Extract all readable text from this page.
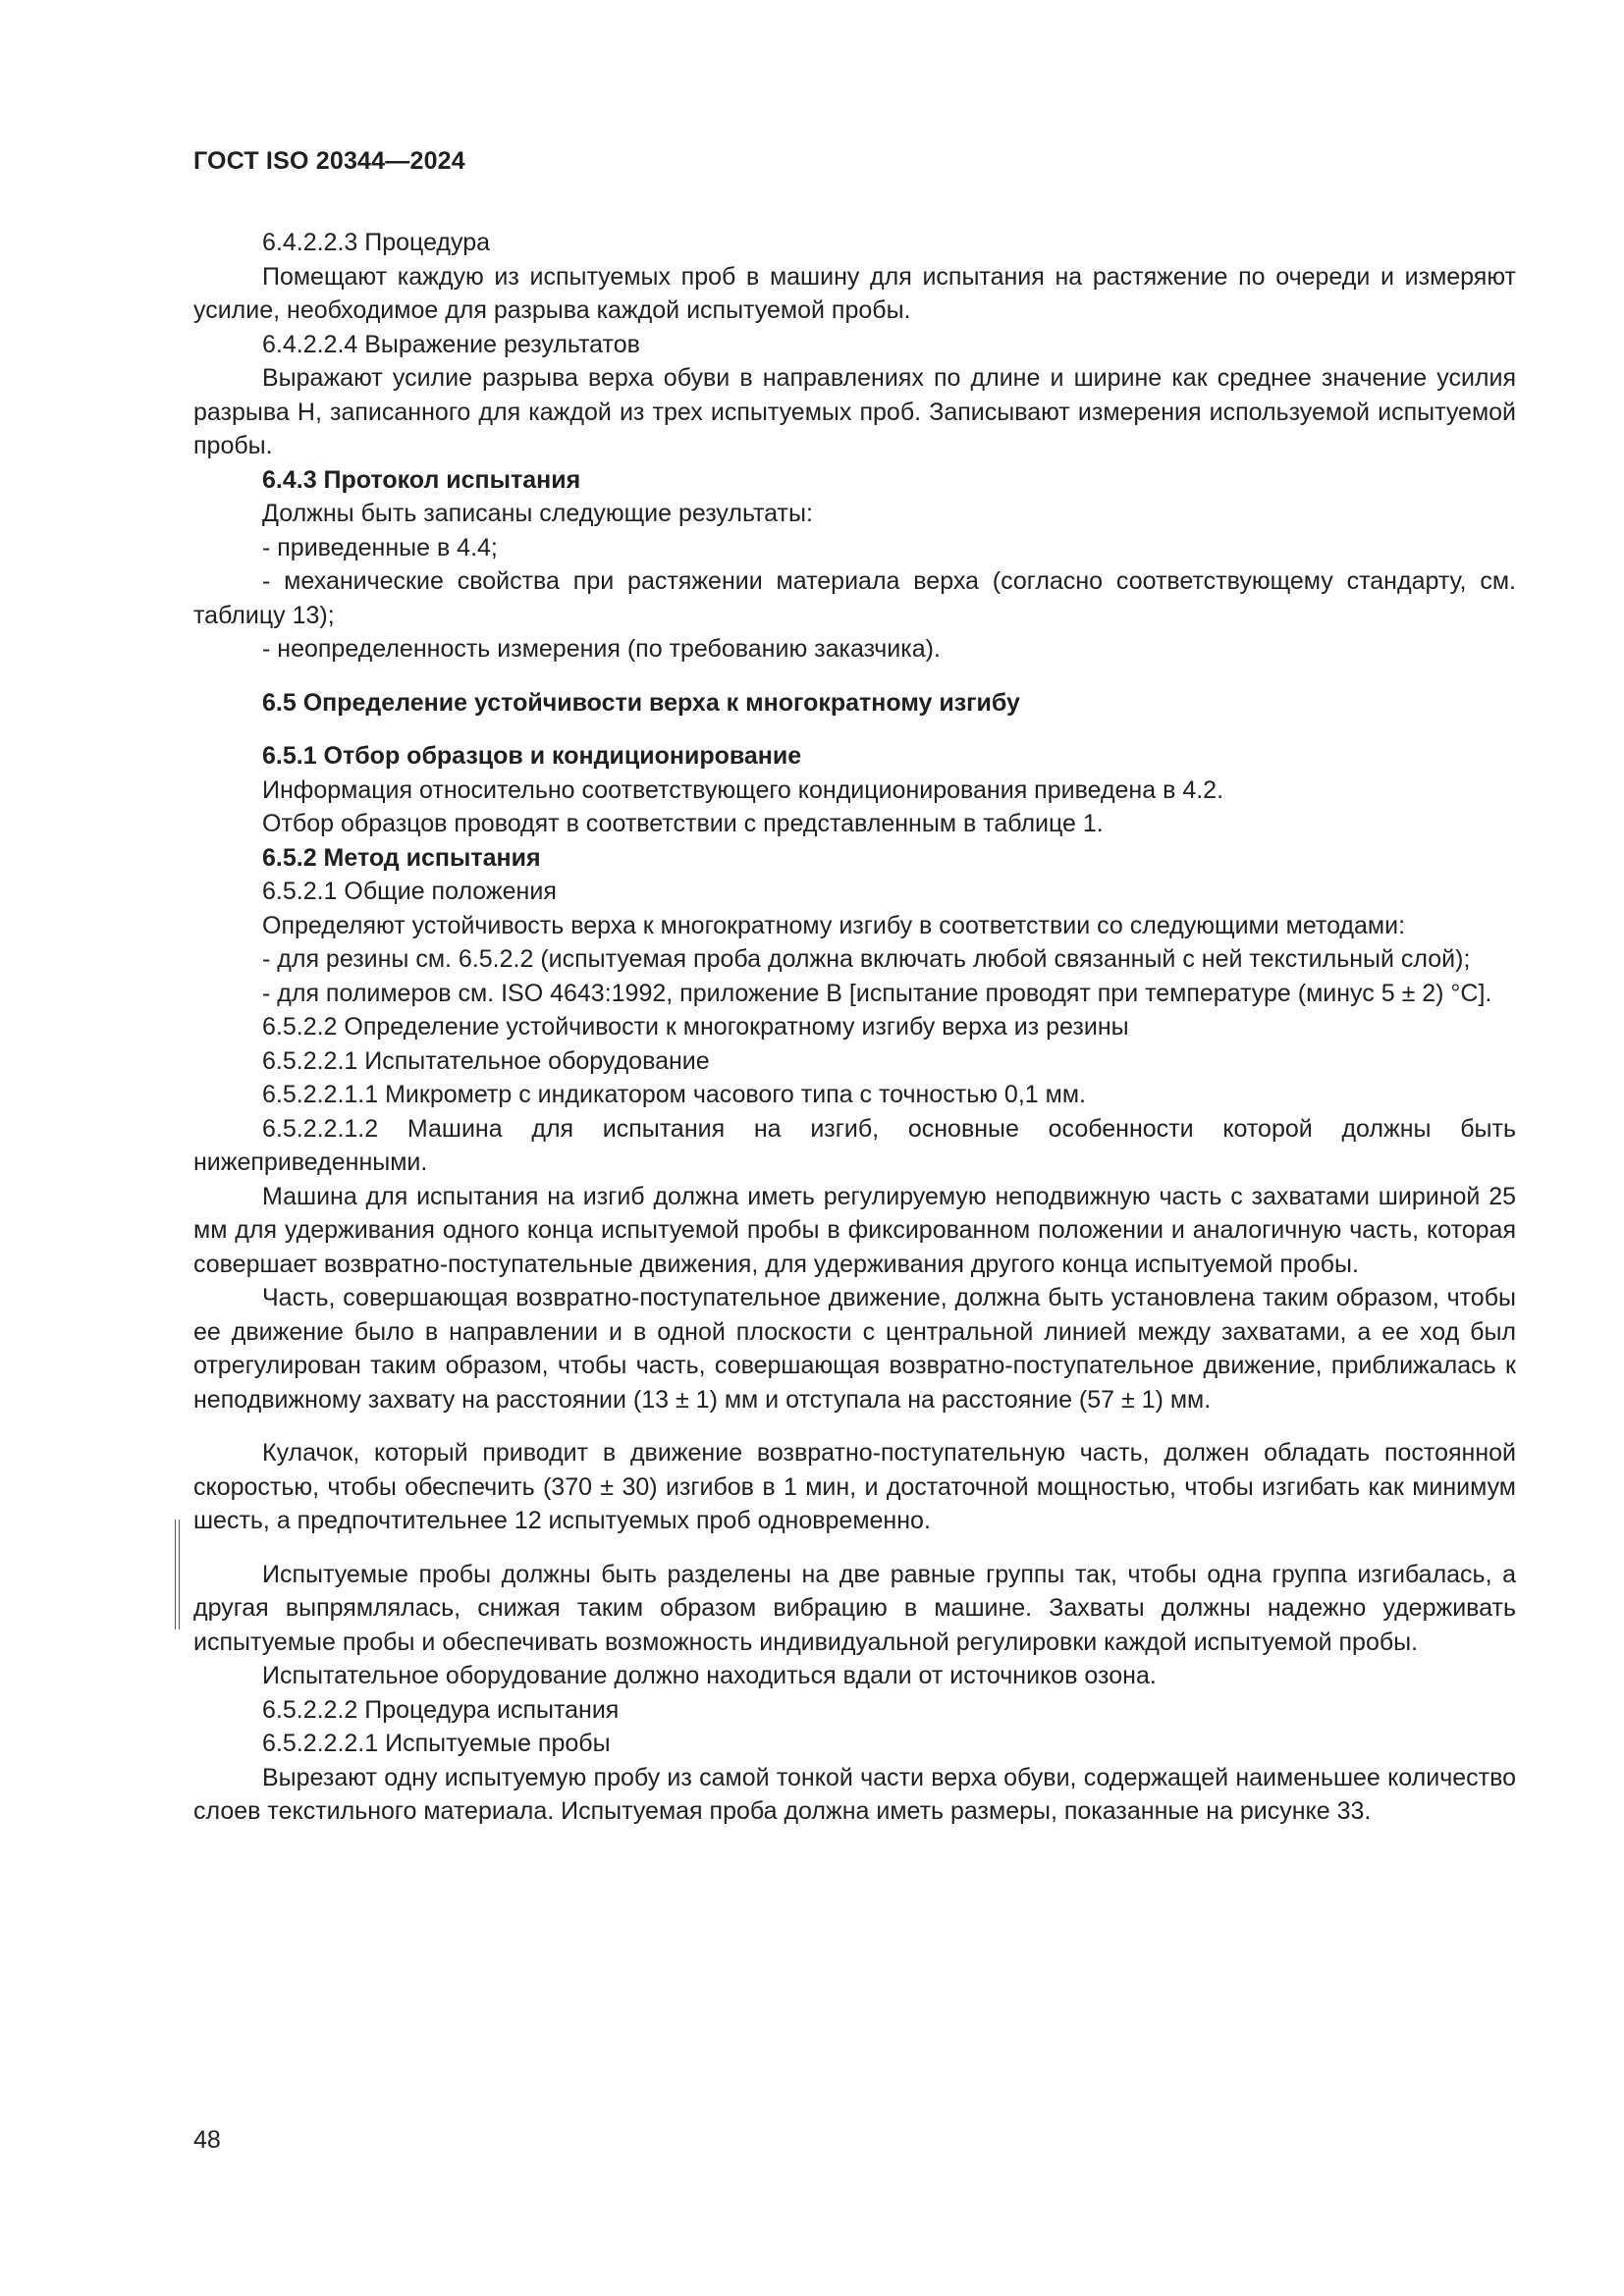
ГОСТ ISO 20344—2024

6.4.2.2.3 Процедура

Помещают каждую из испытуемых проб в машину для испытания на растяжение по очереди и измеряют усилие, необходимое для разрыва каждой испытуемой пробы.

6.4.2.2.4 Выражение результатов

Выражают усилие разрыва верха обуви в направлениях по длине и ширине как среднее значение усилия разрыва Н, записанного для каждой из трех испытуемых проб. Записывают измерения используемой испытуемой пробы.

6.4.3 Протокол испытания

Должны быть записаны следующие результаты:

- приведенные в 4.4;

- механические свойства при растяжении материала верха (согласно соответствующему стандарту, см. таблицу 13);

- неопределенность измерения (по требованию заказчика).

6.5 Определение устойчивости верха к многократному изгибу

6.5.1 Отбор образцов и кондиционирование

Информация относительно соответствующего кондиционирования приведена в 4.2.

Отбор образцов проводят в соответствии с представленным в таблице 1.

6.5.2 Метод испытания

6.5.2.1 Общие положения

Определяют устойчивость верха к многократному изгибу в соответствии со следующими методами:

- для резины см. 6.5.2.2 (испытуемая проба должна включать любой связанный с ней текстильный слой);

- для полимеров см. ISO 4643:1992, приложение В [испытание проводят при температуре (минус 5 ± 2) °С].

6.5.2.2 Определение устойчивости к многократному изгибу верха из резины

6.5.2.2.1 Испытательное оборудование

6.5.2.2.1.1 Микрометр с индикатором часового типа с точностью 0,1 мм.

6.5.2.2.1.2 Машина для испытания на изгиб, основные особенности которой должны быть нижеприведенными.

Машина для испытания на изгиб должна иметь регулируемую неподвижную часть с захватами шириной 25 мм для удерживания одного конца испытуемой пробы в фиксированном положении и аналогичную часть, которая совершает возвратно-поступательные движения, для удерживания другого конца испытуемой пробы.

Часть, совершающая возвратно-поступательное движение, должна быть установлена таким образом, чтобы ее движение было в направлении и в одной плоскости с центральной линией между захватами, а ее ход был отрегулирован таким образом, чтобы часть, совершающая возвратно-поступательное движение, приближалась к неподвижному захвату на расстоянии (13 ± 1) мм и отступала на расстояние (57 ± 1) мм.

Кулачок, который приводит в движение возвратно-поступательную часть, должен обладать постоянной скоростью, чтобы обеспечить (370 ± 30) изгибов в 1 мин, и достаточной мощностью, чтобы изгибать как минимум шесть, а предпочтительнее 12 испытуемых проб одновременно.

Испытуемые пробы должны быть разделены на две равные группы так, чтобы одна группа изгибалась, а другая выпрямлялась, снижая таким образом вибрацию в машине. Захваты должны надежно удерживать испытуемые пробы и обеспечивать возможность индивидуальной регулировки каждой испытуемой пробы.

Испытательное оборудование должно находиться вдали от источников озона.

6.5.2.2.2 Процедура испытания

6.5.2.2.2.1 Испытуемые пробы

Вырезают одну испытуемую пробу из самой тонкой части верха обуви, содержащей наименьшее количество слоев текстильного материала. Испытуемая проба должна иметь размеры, показанные на рисунке 33.

48
